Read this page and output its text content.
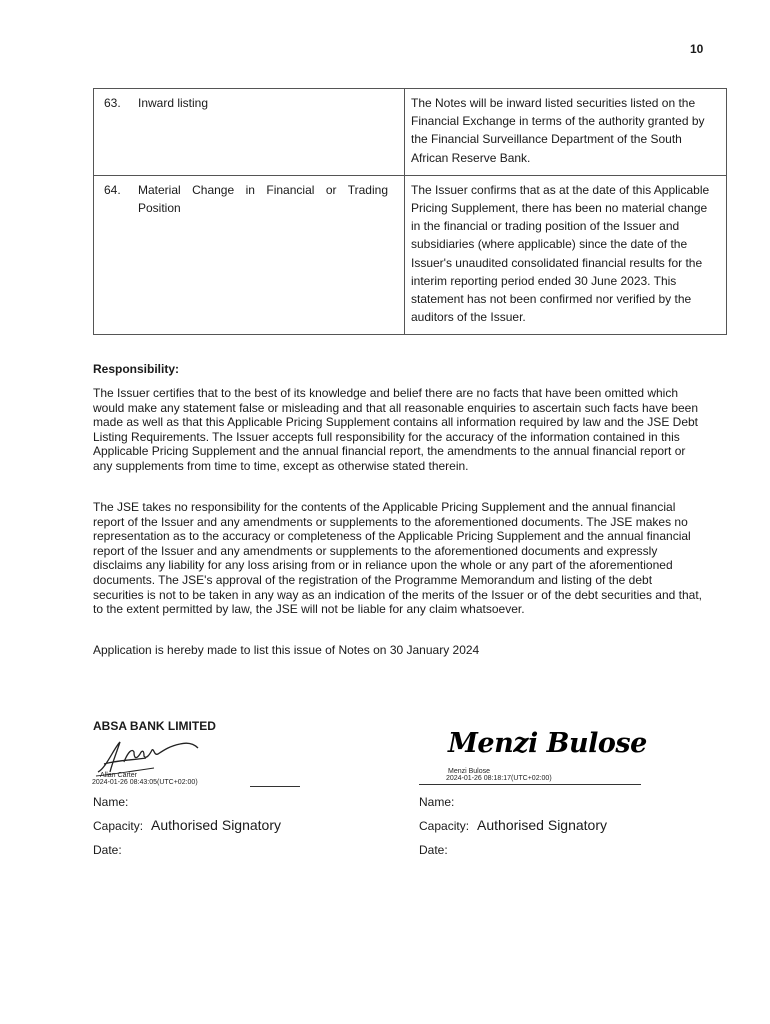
10
63. Inward listing	The Notes will be inward listed securities listed on the Financial Exchange in terms of the authority granted by the Financial Surveillance Department of the South African Reserve Bank.
64. Material Change in Financial or Trading Position	The Issuer confirms that as at the date of this Applicable Pricing Supplement, there has been no material change in the financial or trading position of the Issuer and subsidiaries (where applicable) since the date of the Issuer's unaudited consolidated financial results for the interim reporting period ended 30 June 2023. This statement has not been confirmed nor verified by the auditors of the Issuer.
Responsibility:
The Issuer certifies that to the best of its knowledge and belief there are no facts that have been omitted which would make any statement false or misleading and that all reasonable enquiries to ascertain such facts have been made as well as that this Applicable Pricing Supplement contains all information required by law and the JSE Debt Listing Requirements. The Issuer accepts full responsibility for the accuracy of the information contained in this Applicable Pricing Supplement and the annual financial report, the amendments to the annual financial report or any supplements from time to time, except as otherwise stated therein.
The JSE takes no responsibility for the contents of the Applicable Pricing Supplement and the annual financial report of the Issuer and any amendments or supplements to the aforementioned documents. The JSE makes no representation as to the accuracy or completeness of the Applicable Pricing Supplement and the annual financial report of the Issuer and any amendments or supplements to the aforementioned documents and expressly disclaims any liability for any loss arising from or in reliance upon the whole or any part of the aforementioned documents. The JSE's approval of the registration of the Programme Memorandum and listing of the debt securities is not to be taken in any way as an indication of the merits of the Issuer or of the debt securities and that, to the extent permitted by law, the JSE will not be liable for any claim whatsoever.
Application is hereby made to list this issue of Notes on 30 January 2024
ABSA BANK LIMITED
Allan Carter
2024-01-26 08:43:05(UTC+02:00)
Name:
Capacity: Authorised Signatory
Date:
Menzi Bulose
Menzi Bulose
2024-01-26 08:18:17(UTC+02:00)
Name:
Capacity: Authorised Signatory
Date:
